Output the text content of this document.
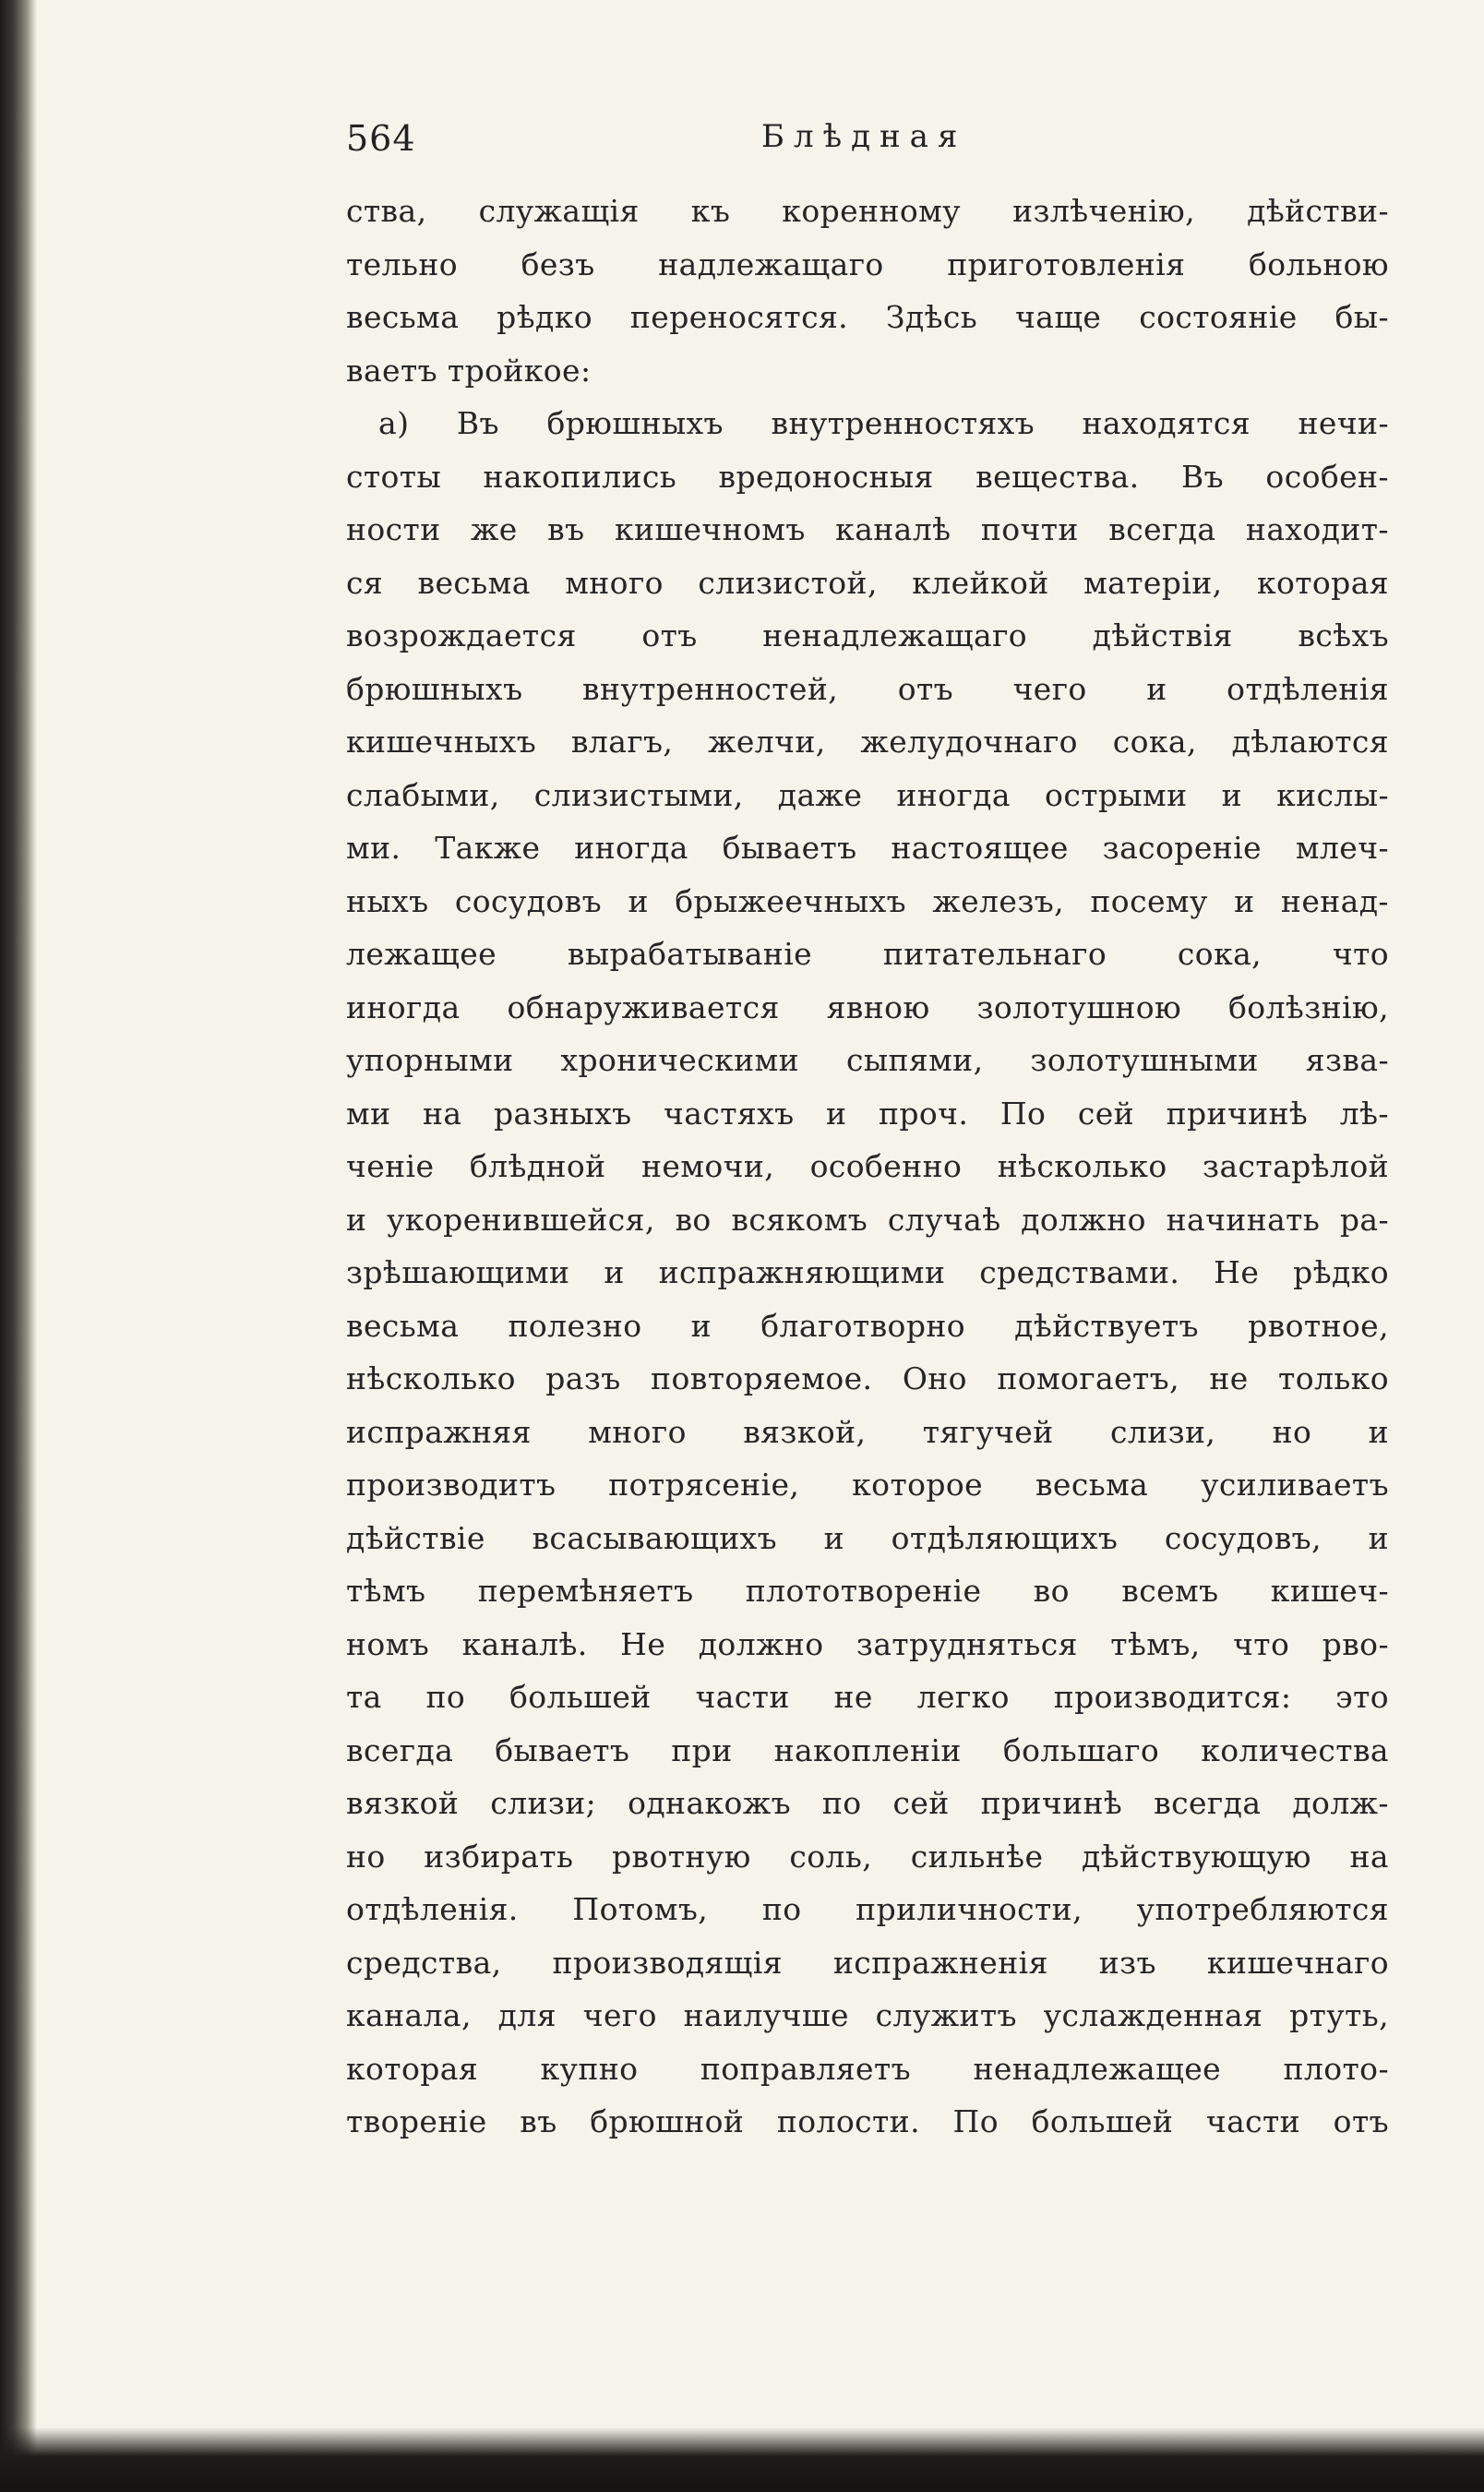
564	Блѣдная
ства, служащія къ коренному излѣченію, дѣйстви-
тельно безъ надлежащаго приготовленія больною
весьма рѣдко переносятся. Здѣсь чаще состояніе бы-
ваетъ тройкое:
а) Въ брюшныхъ внутренностяхъ находятся нечи-
стоты накопились вредоносныя вещества. Въ особен-
ности же въ кишечномъ каналѣ почти всегда находит-
ся весьма много слизистой, клейкой матеріи, которая
возрождается отъ ненадлежащаго дѣйствія всѣхъ
брюшныхъ внутренностей, отъ чего и отдѣленія
кишечныхъ влагъ, желчи, желудочнаго сока, дѣлаются
слабыми, слизистыми, даже иногда острыми и кислы-
ми. Также иногда бываетъ настоящее засореніе млеч-
ныхъ сосудовъ и брыжеечныхъ железъ, посему и ненад-
лежащее вырабатываніе питательнаго сока, что
иногда обнаруживается явною золотушною болѣзнію,
упорными хроническими сыпями, золотушными язва-
ми на разныхъ частяхъ и проч. По сей причинѣ лѣ-
ченіе блѣдной немочи, особенно нѣсколько застарѣлой
и укоренившейся, во всякомъ случаѣ должно начинать ра-
зрѣшающими и испражняющими средствами. Не рѣдко
весьма полезно и благотворно дѣйствуетъ рвотное,
нѣсколько разъ повторяемое. Оно помогаетъ, не только
испражняя много вязкой, тягучей слизи, но и
производитъ потрясеніе, которое весьма усиливаетъ
дѣйствіе всасывающихъ и отдѣляющихъ сосудовъ, и
тѣмъ перемѣняетъ плототвореніе во всемъ кишеч-
номъ каналѣ. Не должно затрудняться тѣмъ, что рво-
та по большей части не легко производится: это
всегда бываетъ при накопленіи большаго количества
вязкой слизи; однакожъ по сей причинѣ всегда долж-
но избирать рвотную соль, сильнѣе дѣйствующую на
отдѣленія. Потомъ, по приличности, употребляются
средства, производящія испражненія изъ кишечнаго
канала, для чего наилучше служитъ услажденная ртуть,
которая купно поправляетъ ненадлежащее плото-
твореніе въ брюшной полости. По большей части отъ
